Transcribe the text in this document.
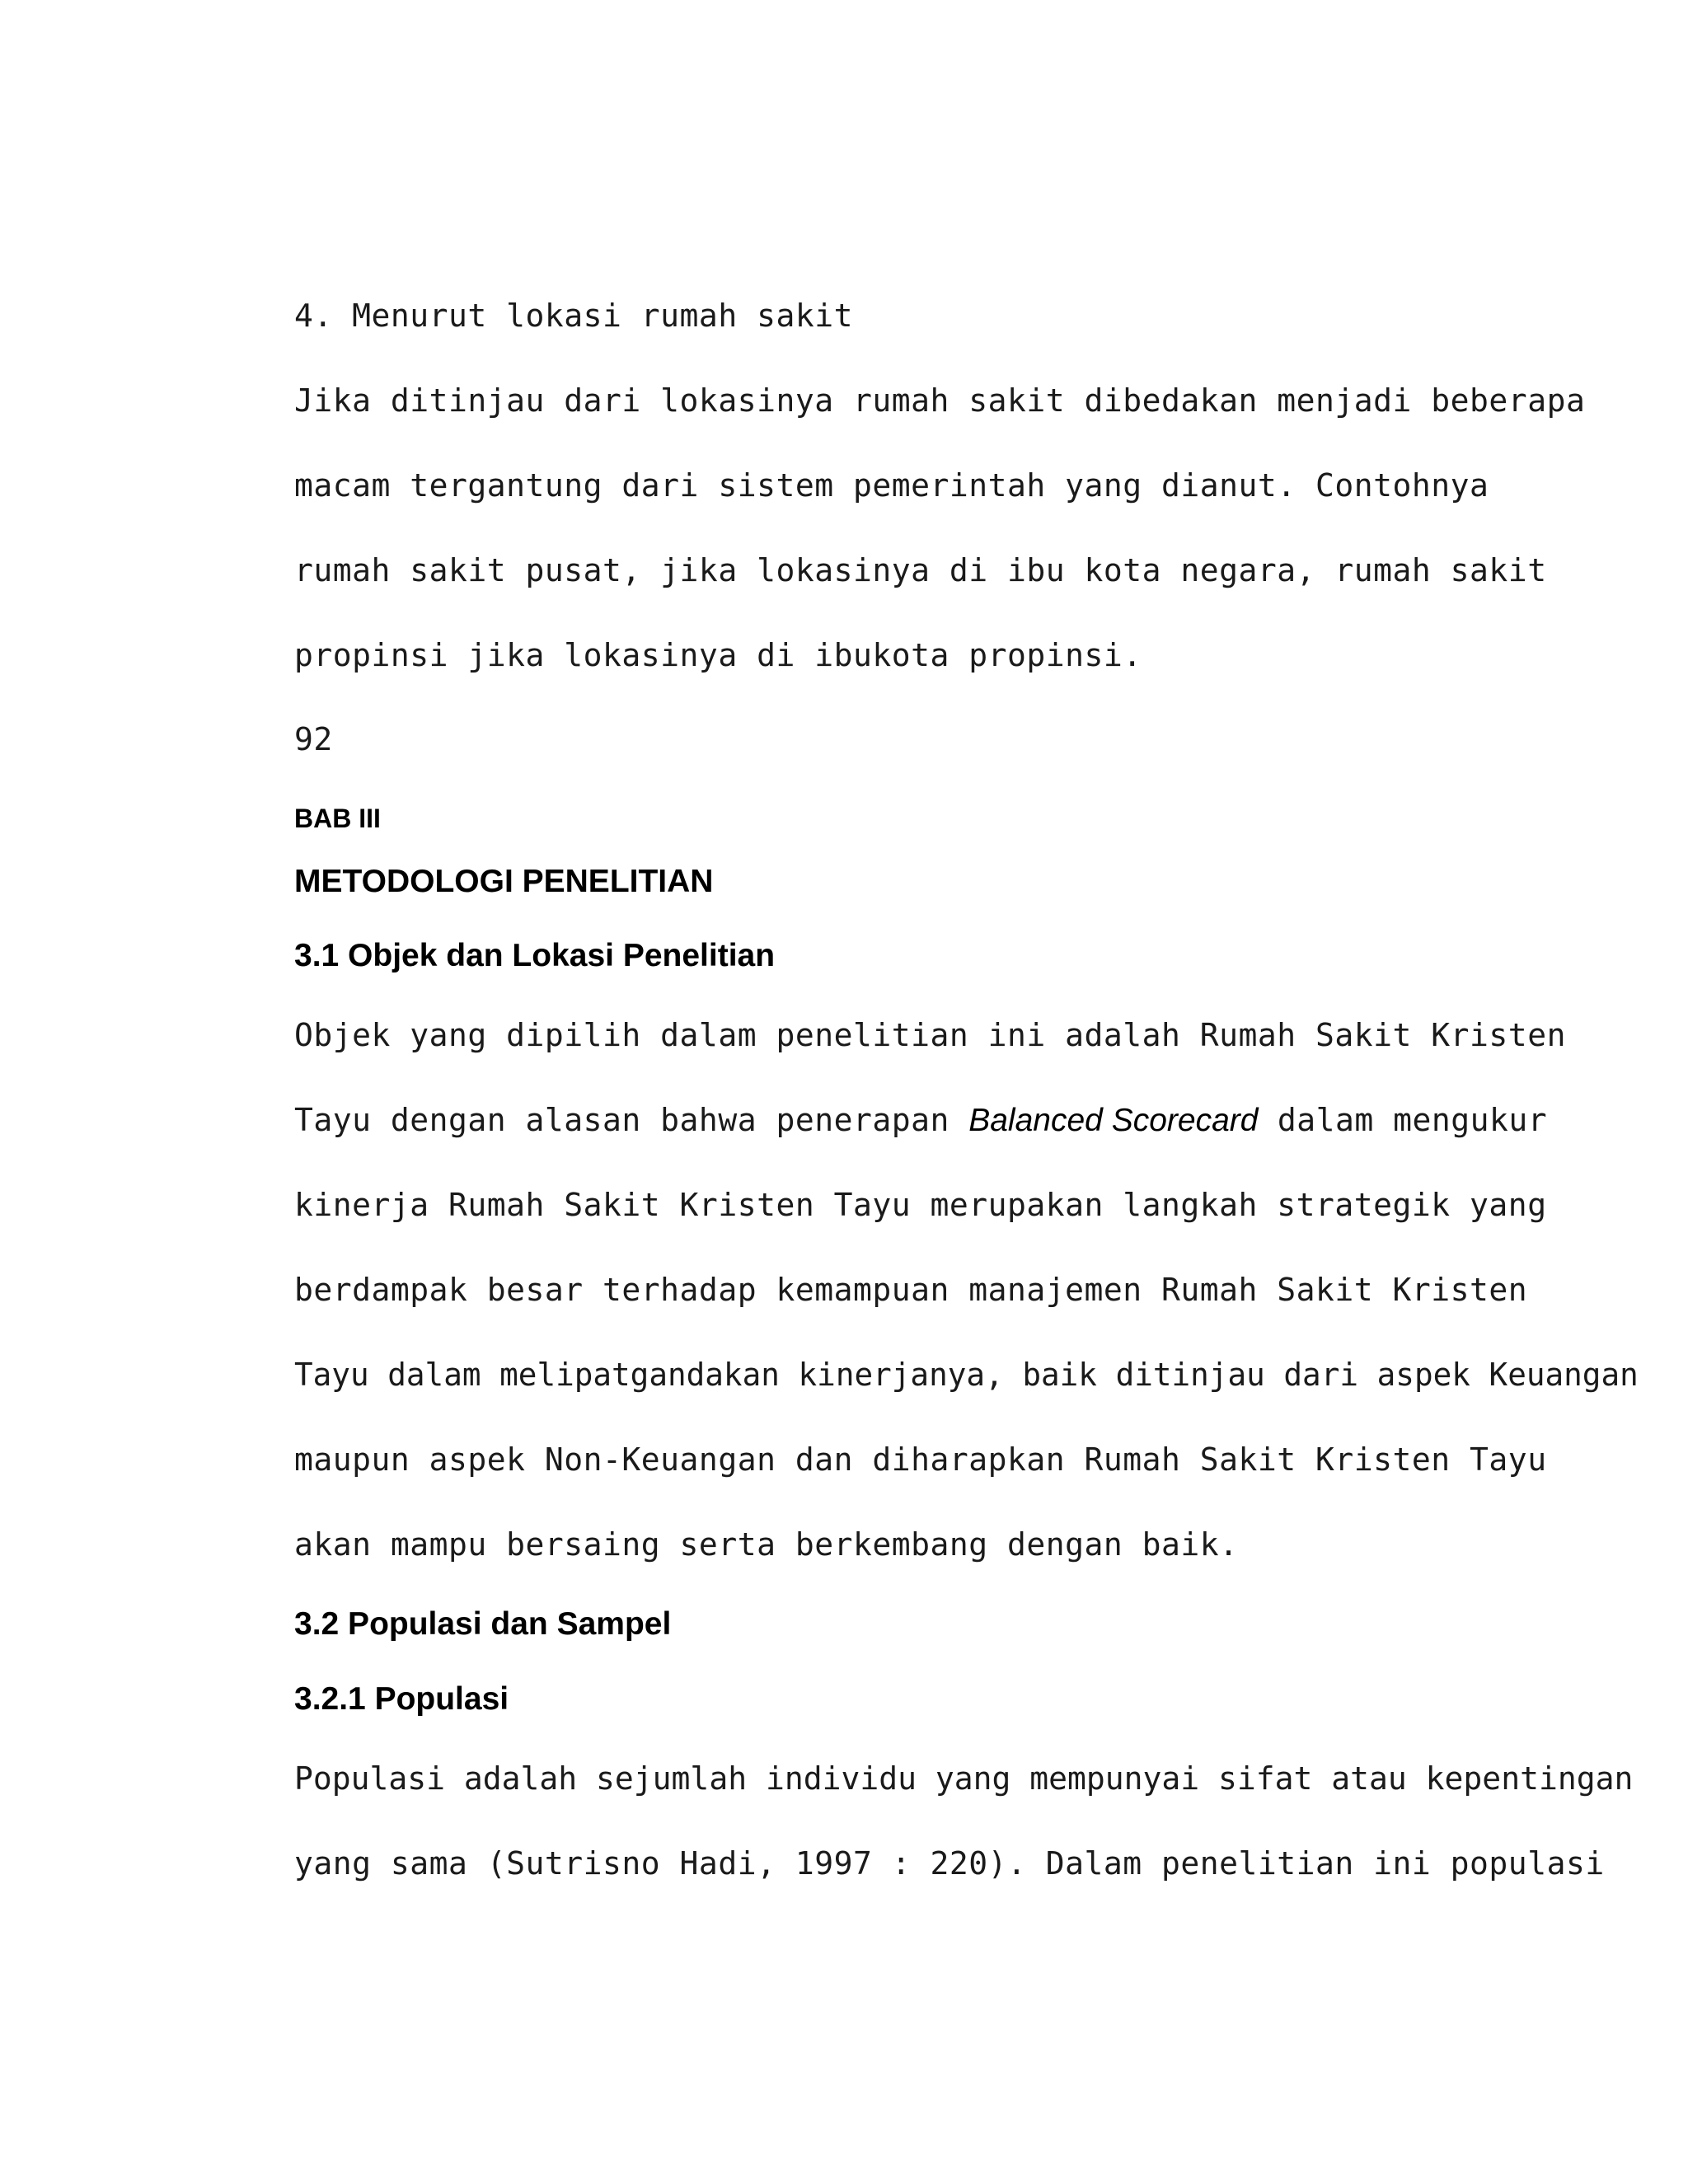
4. Menurut lokasi rumah sakit
Jika ditinjau dari lokasinya rumah sakit dibedakan menjadi beberapa
macam tergantung dari sistem pemerintah yang dianut. Contohnya
rumah sakit pusat, jika lokasinya di ibu kota negara, rumah sakit
propinsi jika lokasinya di ibukota propinsi.
92
BAB III
METODOLOGI PENELITIAN
3.1 Objek dan Lokasi Penelitian
Objek yang dipilih dalam penelitian ini adalah Rumah Sakit Kristen
Tayu dengan alasan bahwa penerapan Balanced Scorecard dalam mengukur
kinerja Rumah Sakit Kristen Tayu merupakan langkah strategik yang
berdampak besar terhadap kemampuan manajemen Rumah Sakit Kristen
Tayu dalam melipatgandakan kinerjanya, baik ditinjau dari aspek Keuangan
maupun aspek Non-Keuangan dan diharapkan Rumah Sakit Kristen Tayu
akan mampu bersaing serta berkembang dengan baik.
3.2 Populasi dan Sampel
3.2.1 Populasi
Populasi adalah sejumlah individu yang mempunyai sifat atau kepentingan
yang sama (Sutrisno Hadi, 1997 : 220). Dalam penelitian ini populasi
